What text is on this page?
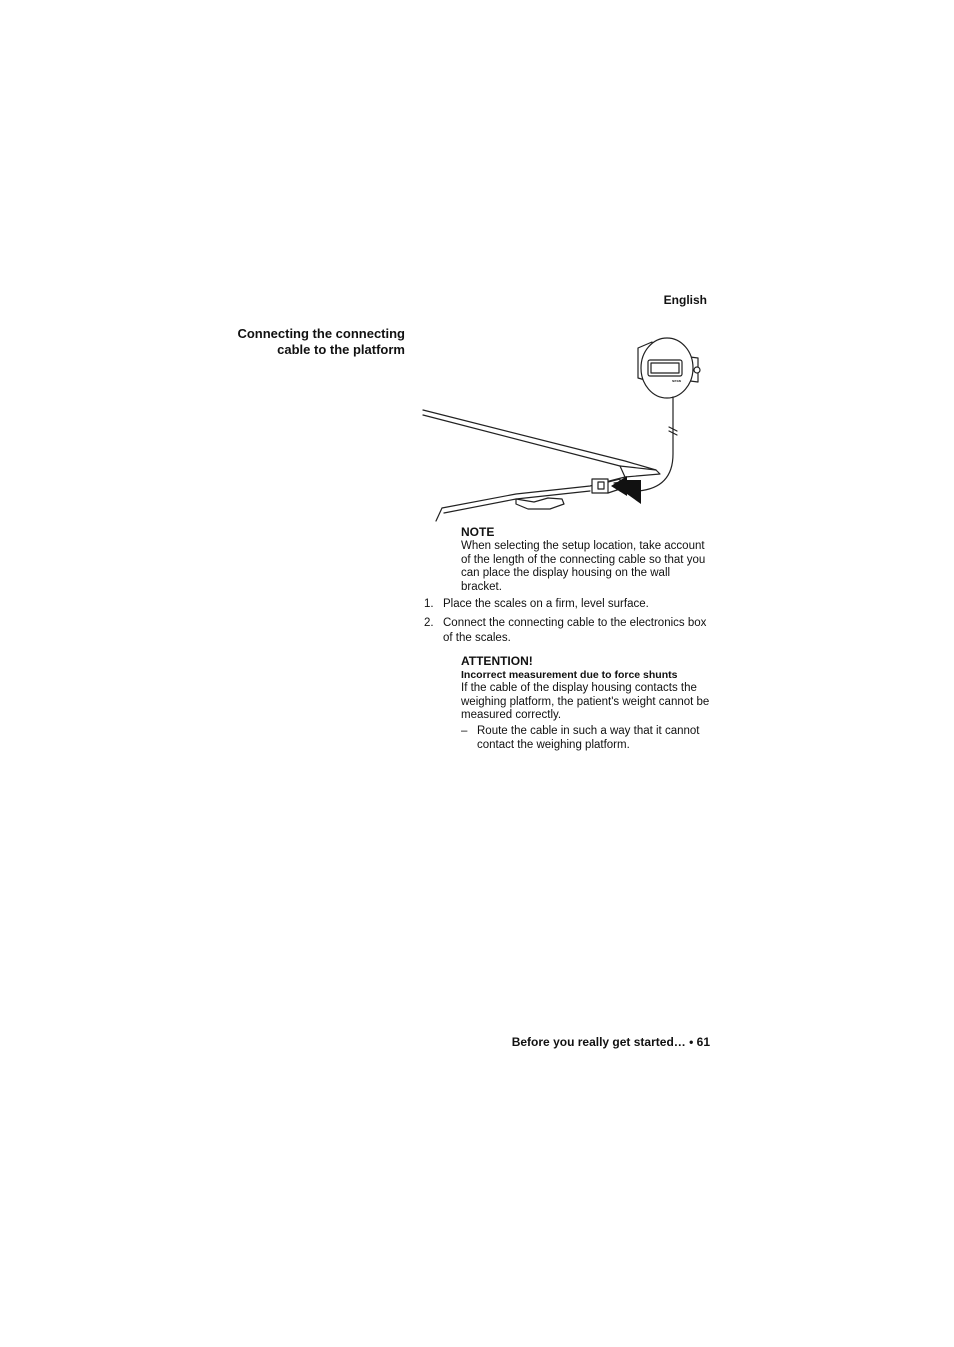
English
Connecting the connecting cable to the platform
seca
NOTE
When selecting the setup location, take account of the length of the connecting cable so that you can place the display housing on the wall bracket.
1. Place the scales on a firm, level surface.
2. Connect the connecting cable to the electronics box of the scales.
ATTENTION!
Incorrect measurement due to force shunts
If the cable of the display housing contacts the weighing platform, the patient's weight cannot be measured correctly.
– Route the cable in such a way that it cannot contact the weighing platform.
Before you really get started… • 61
